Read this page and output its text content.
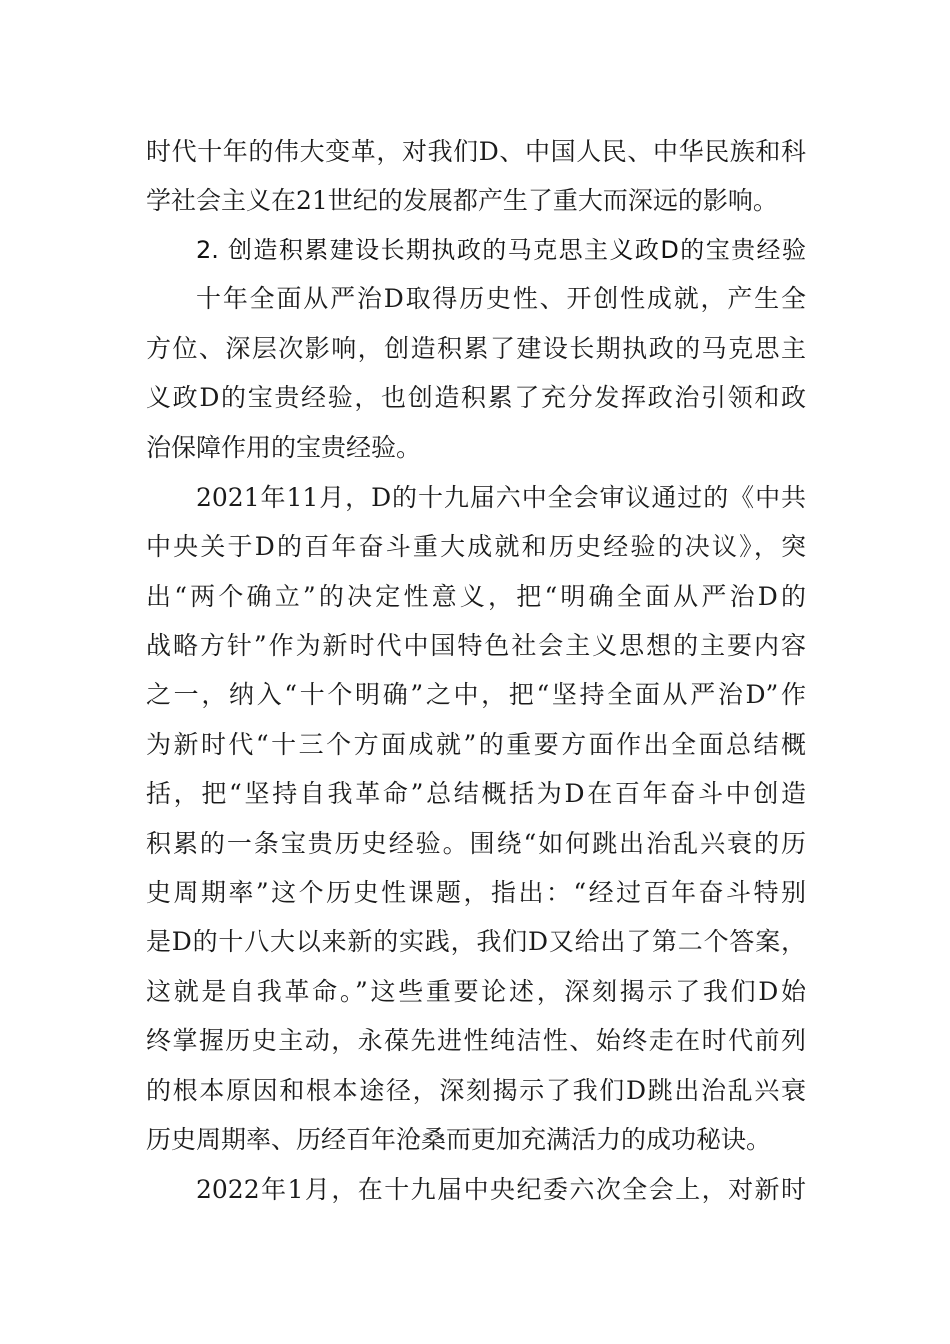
时代十年的伟大变革，对我们D、中国人民、中华民族和科
学社会主义在21世纪的发展都产生了重大而深远的影响。
2. 创造积累建设长期执政的马克思主义政D的宝贵经验
十年全面从严治D取得历史性、开创性成就，产生全
方位、深层次影响，创造积累了建设长期执政的马克思主
义政D的宝贵经验，也创造积累了充分发挥政治引领和政
治保障作用的宝贵经验。
2021年11月，D的十九届六中全会审议通过的《中共
中央关于D的百年奋斗重大成就和历史经验的决议》，突
出“两个确立”的决定性意义，把“明确全面从严治D的
战略方针”作为新时代中国特色社会主义思想的主要内容
之一，纳入“十个明确”之中，把“坚持全面从严治D”作
为新时代“十三个方面成就”的重要方面作出全面总结概
括，把“坚持自我革命”总结概括为D在百年奋斗中创造
积累的一条宝贵历史经验。围绕“如何跳出治乱兴衰的历
史周期率”这个历史性课题，指出：“经过百年奋斗特别
是D的十八大以来新的实践，我们D又给出了第二个答案，
这就是自我革命。”这些重要论述，深刻揭示了我们D始
终掌握历史主动，永葆先进性纯洁性、始终走在时代前列
的根本原因和根本途径，深刻揭示了我们D跳出治乱兴衰
历史周期率、历经百年沧桑而更加充满活力的成功秘诀。
2022年1月，在十九届中央纪委六次全会上，对新时
